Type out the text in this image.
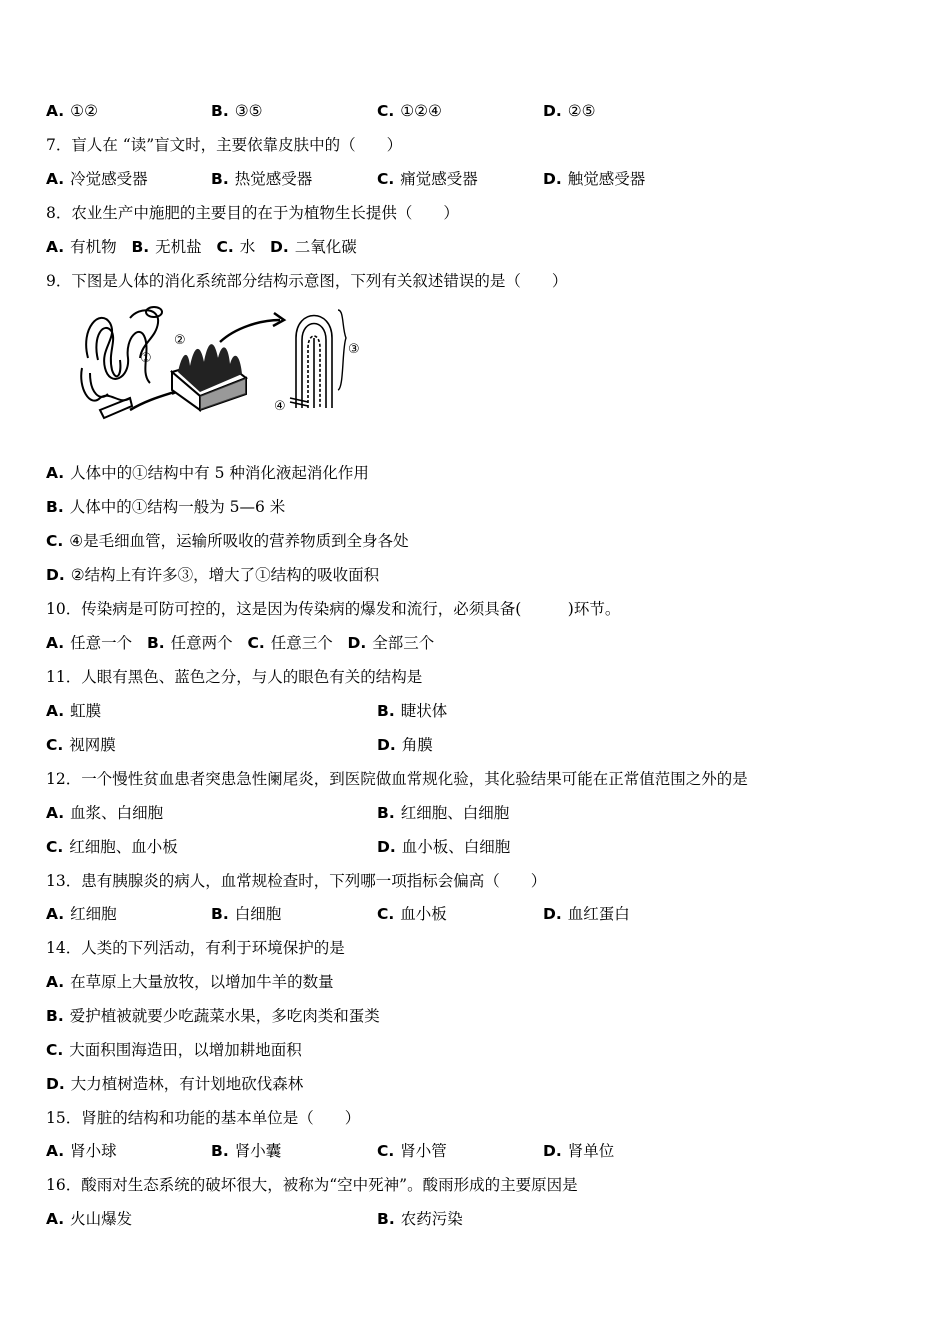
A. ①②	B. ③⑤	C. ①②④	D. ②⑤
7．盲人在 “读”盲文时，主要依靠皮肤中的（　　）
A. 冷觉感受器	B. 热觉感受器	C. 痛觉感受器	D. 触觉感受器
8．农业生产中施肥的主要目的在于为植物生长提供（　　）
A. 有机物 B. 无机盐 C. 水 D. 二氧化碳
9．下图是人体的消化系统部分结构示意图，下列有关叙述错误的是（　　）
①
②
③
④
A. 人体中的①结构中有 5 种消化液起消化作用
B. 人体中的①结构一般为 5—6 米
C. ④是毛细血管，运输所吸收的营养物质到全身各处
D. ②结构上有许多③，增大了①结构的吸收面积
10．传染病是可防可控的，这是因为传染病的爆发和流行，必须具备(　　　)环节。
A. 任意一个 B. 任意两个 C. 任意三个 D. 全部三个
11．人眼有黑色、蓝色之分，与人的眼色有关的结构是
A. 虹膜	B. 睫状体
C. 视网膜	D. 角膜
12．一个慢性贫血患者突患急性阑尾炎，到医院做血常规化验，其化验结果可能在正常值范围之外的是
A. 血浆、白细胞	B. 红细胞、白细胞
C. 红细胞、血小板	D. 血小板、白细胞
13．患有胰腺炎的病人，血常规检查时，下列哪一项指标会偏高（　　）
A. 红细胞	B. 白细胞	C. 血小板	D. 血红蛋白
14．人类的下列活动，有利于环境保护的是
A. 在草原上大量放牧，以增加牛羊的数量
B. 爱护植被就要少吃蔬菜水果，多吃肉类和蛋类
C. 大面积围海造田，以增加耕地面积
D. 大力植树造林，有计划地砍伐森林
15．肾脏的结构和功能的基本单位是（　　）
A. 肾小球	B. 肾小囊	C. 肾小管	D. 肾单位
16．酸雨对生态系统的破坏很大，被称为“空中死神”。酸雨形成的主要原因是
A. 火山爆发	B. 农药污染
